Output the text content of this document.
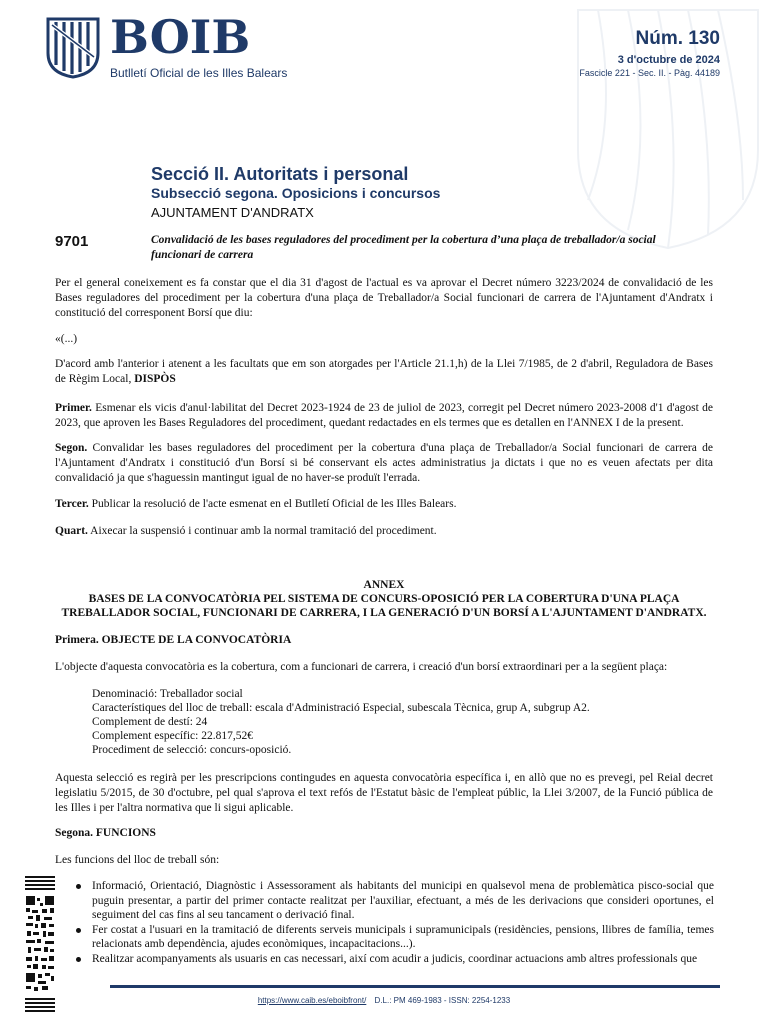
BOIB
Butlletí Oficial de les Illes Balears
Núm. 130
3 d'octubre de 2024
Fascicle 221 - Sec. II. - Pàg. 44189
Secció II. Autoritats i personal
Subsecció segona. Oposicions i concursos
AJUNTAMENT D'ANDRATX
9701	Convalidació de les bases reguladores del procediment per la cobertura d’una plaça de treballador/a social funcionari de carrera

Per el general coneixement es fa constar que el dia 31 d'agost de l'actual es va aprovar el Decret número 3223/2024 de convalidació de les Bases reguladores del procediment per la cobertura d'una plaça de Treballador/a Social funcionari de carrera de l'Ajuntament d'Andratx i constitució del corresponent Borsí que diu:

«(...)

D'acord amb l'anterior i atenent a les facultats que em son atorgades per l'Article 21.1,h) de la Llei 7/1985, de 2 d'abril, Reguladora de Bases de Règim Local, DISPÒS

Primer. Esmenar els vicis d'anul·labilitat del Decret 2023-1924 de 23 de juliol de 2023, corregit pel Decret número 2023-2008 d'1 d'agost de 2023, que aproven les Bases Reguladores del procediment, quedant redactades en els termes que es detallen en l'ANNEX I de la present.

Segon. Convalidar les bases reguladores del procediment per la cobertura d'una plaça de Treballador/a Social funcionari de carrera de l'Ajuntament d'Andratx i constitució d'un Borsí si bé conservant els actes administratius ja dictats i que no es veuen afectats per dita convalidació ja que s'haguessin mantingut igual de no haver-se produït l'errada.

Tercer. Publicar la resolució de l'acte esmenat en el Butlletí Oficial de les Illes Balears.

Quart. Aixecar la suspensió i continuar amb la normal tramitació del procediment.

ANNEX
BASES DE LA CONVOCATÒRIA PEL SISTEMA DE CONCURS-OPOSICIÓ PER LA COBERTURA D'UNA PLAÇA
TREBALLADOR SOCIAL, FUNCIONARI DE CARRERA, I LA GENERACIÓ D'UN BORSÍ A L'AJUNTAMENT D'ANDRATX.

Primera. OBJECTE DE LA CONVOCATÒRIA

L'objecte d'aquesta convocatòria es la cobertura, com a funcionari de carrera, i creació d'un borsí extraordinari per a la següent plaça:

Denominació: Treballador social
Característiques del lloc de treball: escala d'Administració Especial, subescala Tècnica, grup A, subgrup A2.
Complement de destí: 24
Complement específic: 22.817,52€
Procediment de selecció: concurs-oposició.

Aquesta selecció es regirà per les prescripcions contingudes en aquesta convocatòria específica i, en allò que no es prevegi, pel Reial decret legislatiu 5/2015, de 30 d'octubre, pel qual s'aprova el text refós de l'Estatut bàsic de l'empleat públic, la Llei 3/2007, de la Funció pública de les Illes i per l'altra normativa que li sigui aplicable.

Segona. FUNCIONS

Les funcions del lloc de treball són:

Informació, Orientació, Diagnòstic i Assessorament als habitants del municipi en qualsevol mena de problemàtica pisco-social que puguin presentar, a partir del primer contacte realitzat per l'auxiliar, efectuant, a més de les derivacions que consideri oportunes, el seguiment del cas fins al seu tancament o derivació final.
Fer costat a l'usuari en la tramitació de diferents serveis municipals i supramunicipals (residències, pensions, llibres de família, temes relacionats amb dependència, ajudes econòmiques, incapacitacions...).
Realitzar acompanyaments als usuaris en cas necessari, així com acudir a judicis, coordinar actuacions amb altres professionals que
https://www.caib.es/eboibfront/ D.L.: PM 469-1983 - ISSN: 2254-1233
